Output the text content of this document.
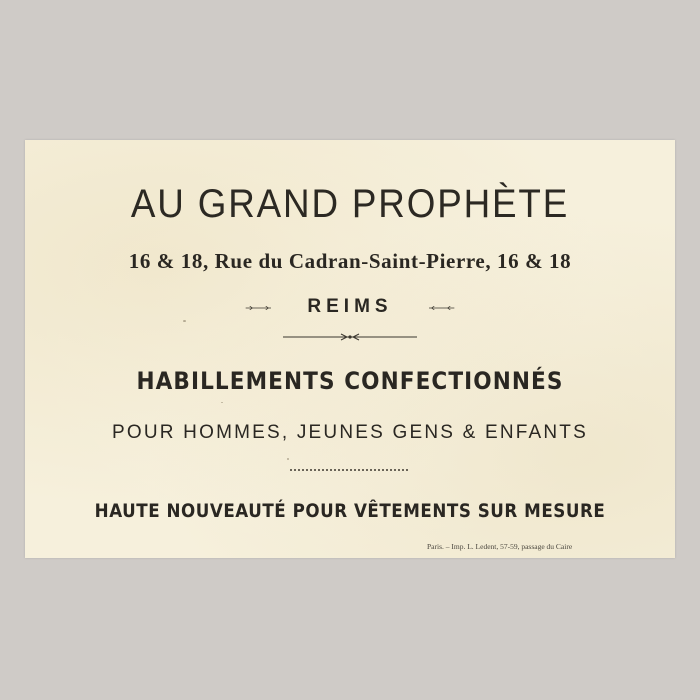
AU GRAND PROPHÈTE
16 & 18, Rue du Cadran-Saint-Pierre, 16 & 18
REIMS
HABILLEMENTS CONFECTIONNÉS
POUR HOMMES, JEUNES GENS & ENFANTS
HAUTE NOUVEAUTÉ POUR VÊTEMENTS SUR MESURE
Paris. – Imp. L. Ledent, 57-59, passage du Caire
